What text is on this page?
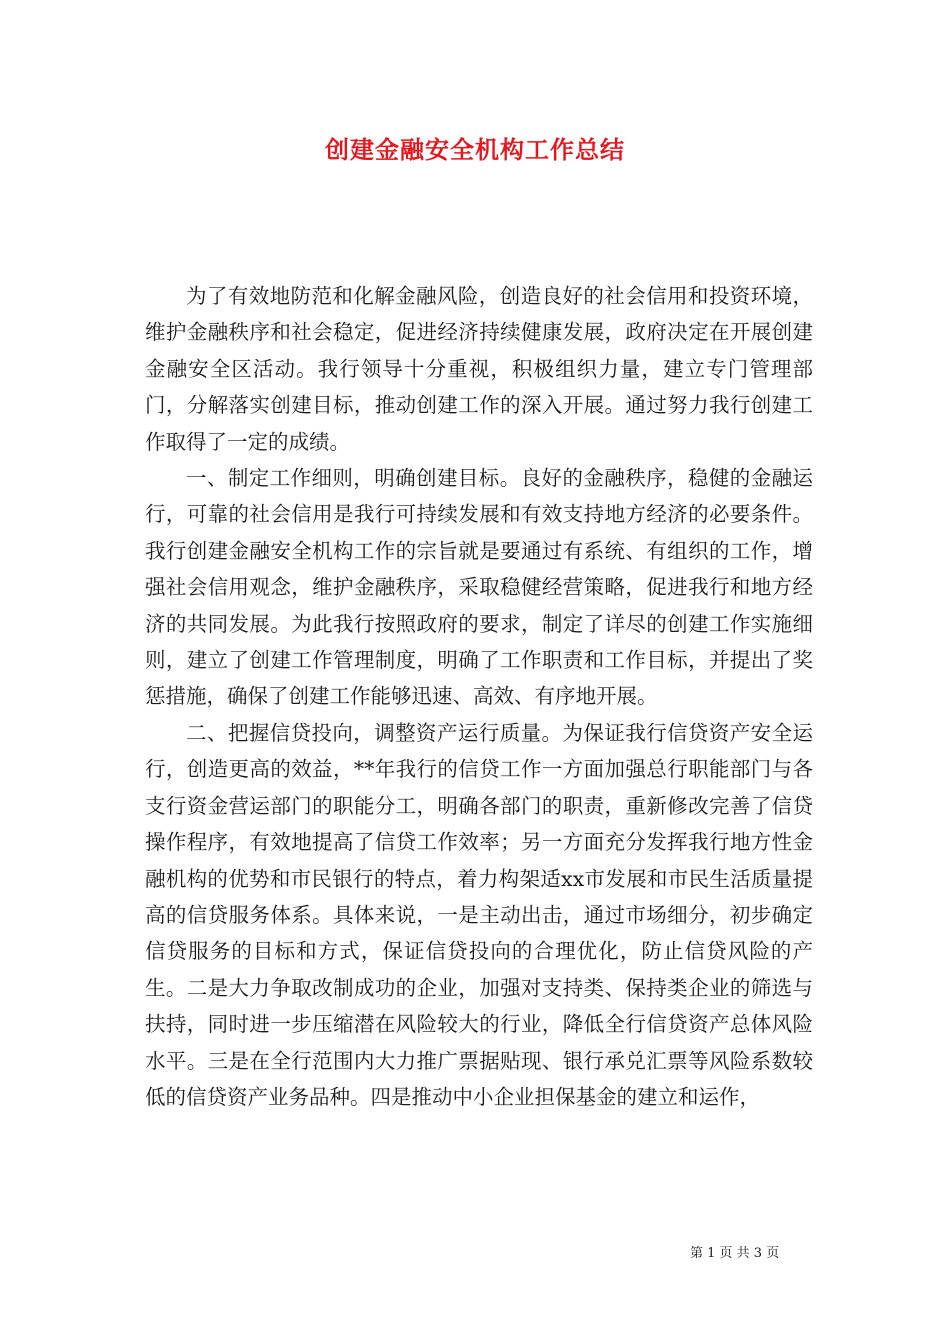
创建金融安全机构工作总结

为了有效地防范和化解金融风险，创造良好的社会信用和投资环境，维护金融秩序和社会稳定，促进经济持续健康发展，政府决定在开展创建金融安全区活动。我行领导十分重视，积极组织力量，建立专门管理部门，分解落实创建目标，推动创建工作的深入开展。通过努力我行创建工作取得了一定的成绩。

一、制定工作细则，明确创建目标。良好的金融秩序，稳健的金融运行，可靠的社会信用是我行可持续发展和有效支持地方经济的必要条件。我行创建金融安全机构工作的宗旨就是要通过有系统、有组织的工作，增强社会信用观念，维护金融秩序，采取稳健经营策略，促进我行和地方经济的共同发展。为此我行按照政府的要求，制定了详尽的创建工作实施细则，建立了创建工作管理制度，明确了工作职责和工作目标，并提出了奖惩措施，确保了创建工作能够迅速、高效、有序地开展。

二、把握信贷投向，调整资产运行质量。为保证我行信贷资产安全运行，创造更高的效益，**年我行的信贷工作一方面加强总行职能部门与各支行资金营运部门的职能分工，明确各部门的职责，重新修改完善了信贷操作程序，有效地提高了信贷工作效率；另一方面充分发挥我行地方性金融机构的优势和市民银行的特点，着力构架适xx市发展和市民生活质量提高的信贷服务体系。具体来说，一是主动出击，通过市场细分，初步确定信贷服务的目标和方式，保证信贷投向的合理优化，防止信贷风险的产生。二是大力争取改制成功的企业，加强对支持类、保持类企业的筛选与扶持，同时进一步压缩潜在风险较大的行业，降低全行信贷资产总体风险水平。三是在全行范围内大力推广票据贴现、银行承兑汇票等风险系数较低的信贷资产业务品种。四是推动中小企业担保基金的建立和运作，

第 1 页 共 3 页
